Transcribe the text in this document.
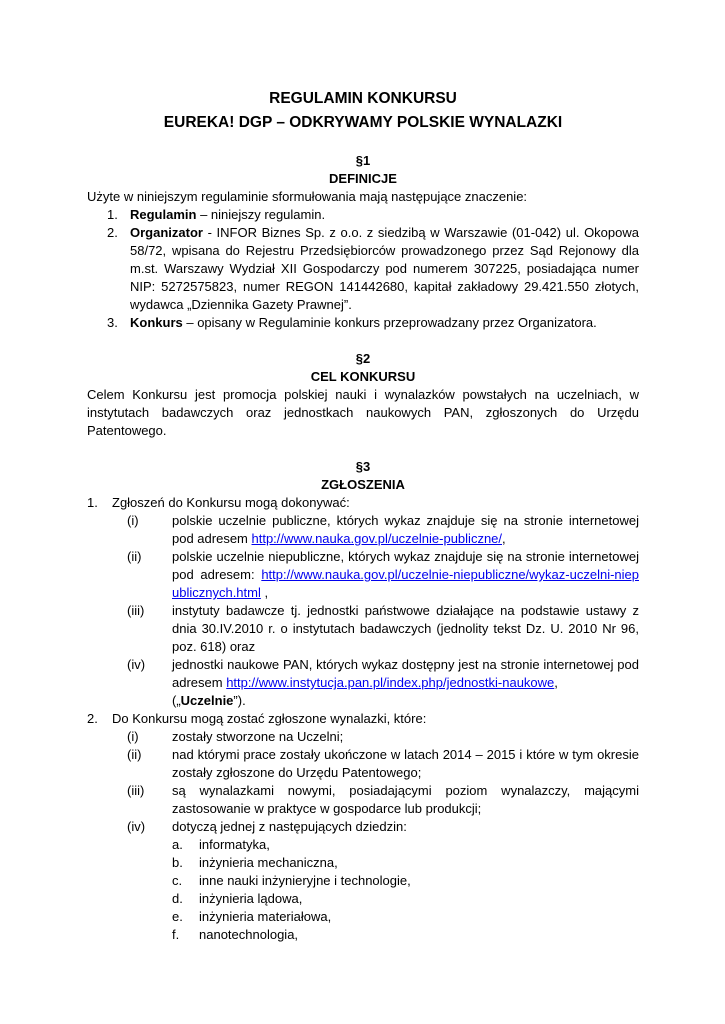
REGULAMIN KONKURSU
EUREKA! DGP – ODKRYWAMY POLSKIE WYNALAZKI
§1
DEFINICJE
Użyte w niniejszym regulaminie sformułowania mają następujące znaczenie:
1. Regulamin – niniejszy regulamin.
2. Organizator - INFOR Biznes Sp. z o.o. z siedzibą w Warszawie (01-042) ul. Okopowa 58/72, wpisana do Rejestru Przedsiębiorców prowadzonego przez Sąd Rejonowy dla m.st. Warszawy Wydział XII Gospodarczy pod numerem 307225, posiadająca numer NIP: 5272575823, numer REGON 141442680, kapitał zakładowy 29.421.550 złotych, wydawca „Dziennika Gazety Prawnej”.
3. Konkurs – opisany w Regulaminie konkurs przeprowadzany przez Organizatora.
§2
CEL KONKURSU
Celem Konkursu jest promocja polskiej nauki i wynalazków powstałych na uczelniach, w instytutach badawczych oraz jednostkach naukowych PAN, zgłoszonych do Urzędu Patentowego.
§3
ZGŁOSZENIA
1. Zgłoszeń do Konkursu mogą dokonywać:
(i)	polskie uczelnie publiczne, których wykaz znajduje się na stronie internetowej pod adresem http://www.nauka.gov.pl/uczelnie-publiczne/,
(ii) polskie uczelnie niepubliczne, których wykaz znajduje się na stronie internetowej pod adresem: http://www.nauka.gov.pl/uczelnie-niepubliczne/wykaz-uczelni-niepublicznych.html ,
(iii) instytuty badawcze tj. jednostki państwowe działające na podstawie ustawy z dnia 30.IV.2010 r. o instytutach badawczych (jednolity tekst Dz. U. 2010 Nr 96, poz. 618) oraz
(iv) jednostki naukowe PAN, których wykaz dostępny jest na stronie internetowej pod adresem http://www.instytucja.pan.pl/index.php/jednostki-naukowe,
(„Uczelnie”).
2. Do Konkursu mogą zostać zgłoszone wynalazki, które:
(i)	zostały stworzone na Uczelni;
(ii) nad którymi prace zostały ukończone w latach 2014 – 2015 i które w tym okresie zostały zgłoszone do Urzędu Patentowego;
(iii) są wynalazkami nowymi, posiadającymi poziom wynalazczy, mającymi zastosowanie w praktyce w gospodarce lub produkcji;
(iv) dotyczą jednej z następujących dziedzin:
a. informatyka,
b. inżynieria mechaniczna,
c. inne nauki inżynieryjne i technologie,
d. inżynieria lądowa,
e. inżynieria materiałowa,
f. nanotechnologia,
